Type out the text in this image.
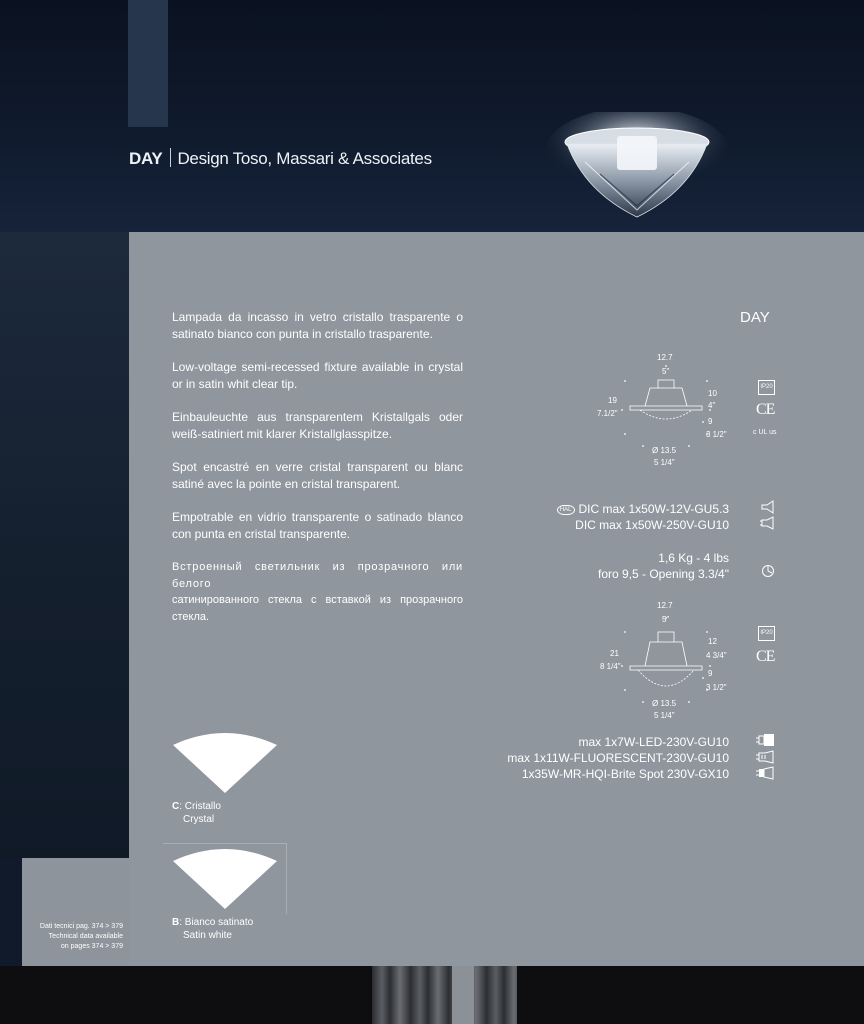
DAY Design Toso, Massari & Associates

Lampada da incasso in vetro cristallo trasparente o satinato bianco con punta in cristallo trasparente.

Low-voltage semi-recessed fixture available in crystal or in satin whit clear tip.

Einbauleuchte aus transparentem Kristallgals oder weiß-satiniert mit klarer Kristallglasspitze.

Spot encastré en verre cristal transparent ou blanc satiné avec la pointe en cristal transparent.

Empotrable en vidrio transparente o satinado blanco con punta en cristal transparente.

Встроенный светильник из прозрачного или белого
сатинированного стекла с вставкой из прозрачного стекла.

DAY
12.7
5"
19
7.1/2"
10
4"
9
3 1/2"
Ø 13.5
5 1/4"
IP20
CE
c UL us
HAL DIC max 1x50W-12V-GU5.3
DIC max 1x50W-250V-GU10
1,6 Kg - 4 lbs
foro 9,5 - Opening 3.3/4"
12.7
5"
21
8 1/4"
12
4 3/4"
9
3 1/2"
Ø 13.5
5 1/4"
IP20
CE
max 1x7W-LED-230V-GU10
max 1x11W-FLUORESCENT-230V-GU10
1x35W-MR-HQI-Brite Spot 230V-GX10
C: Cristallo
Crystal
B: Bianco satinato
Satin white
Dati tecnici pag. 374 > 379
Technical data available
on pages 374 > 379
